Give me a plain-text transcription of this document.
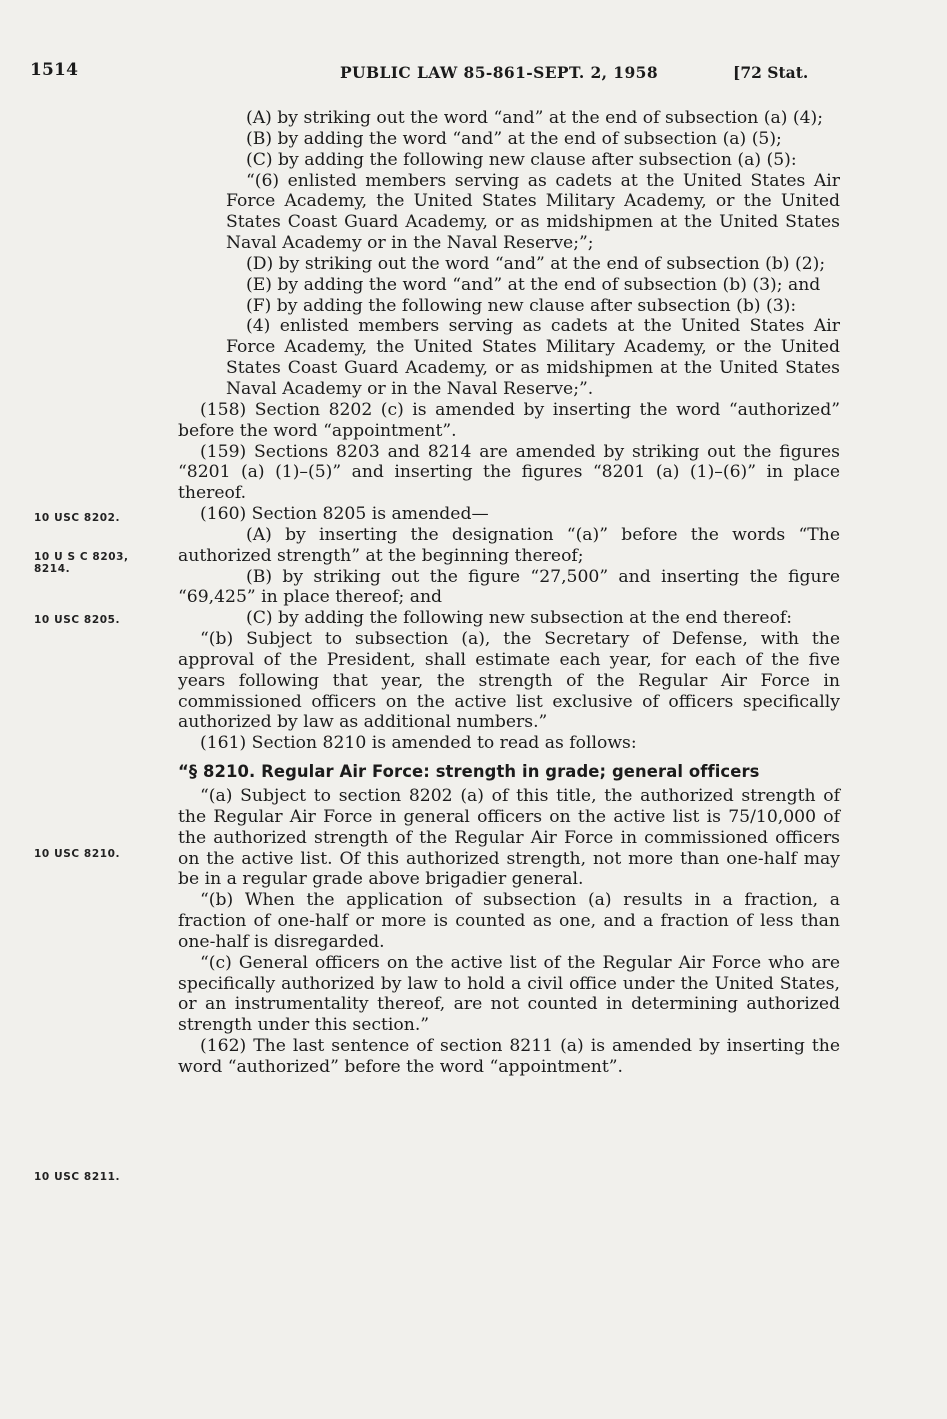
1514	PUBLIC LAW 85-861-SEPT. 2, 1958	[72 Stat.
10 USC 8202.
10 U S C 8203,
8214.
10 USC 8205.
10 USC 8210.
10 USC 8211.

(A) by striking out the word “and” at the end of subsection (a) (4);

(B) by adding the word “and” at the end of subsection (a) (5);

(C) by adding the following new clause after subsection (a) (5):

“(6) enlisted members serving as cadets at the United States Air Force Academy, the United States Military Academy, or the United States Coast Guard Academy, or as midshipmen at the United States Naval Academy or in the Naval Reserve;”;

(D) by striking out the word “and” at the end of subsection (b) (2);

(E) by adding the word “and” at the end of subsection (b) (3); and

(F) by adding the following new clause after subsection (b) (3):

(4) enlisted members serving as cadets at the United States Air Force Academy, the United States Military Academy, or the United States Coast Guard Academy, or as midshipmen at the United States Naval Academy or in the Naval Reserve;”.

(158) Section 8202 (c) is amended by inserting the word “authorized” before the word “appointment”.

(159) Sections 8203 and 8214 are amended by striking out the figures “8201 (a) (1)–(5)” and inserting the figures “8201 (a) (1)–(6)” in place thereof.

(160) Section 8205 is amended—

(A) by inserting the designation “(a)” before the words “The authorized strength” at the beginning thereof;

(B) by striking out the figure “27,500” and inserting the figure “69,425” in place thereof; and

(C) by adding the following new subsection at the end thereof:

“(b) Subject to subsection (a), the Secretary of Defense, with the approval of the President, shall estimate each year, for each of the five years following that year, the strength of the Regular Air Force in commissioned officers on the active list exclusive of officers specifically authorized by law as additional numbers.”

(161) Section 8210 is amended to read as follows:

“§ 8210. Regular Air Force: strength in grade; general officers

“(a) Subject to section 8202 (a) of this title, the authorized strength of the Regular Air Force in general officers on the active list is 75/10,000 of the authorized strength of the Regular Air Force in commissioned officers on the active list. Of this authorized strength, not more than one-half may be in a regular grade above brigadier general.

“(b) When the application of subsection (a) results in a fraction, a fraction of one-half or more is counted as one, and a fraction of less than one-half is disregarded.

“(c) General officers on the active list of the Regular Air Force who are specifically authorized by law to hold a civil office under the United States, or an instrumentality thereof, are not counted in determining authorized strength under this section.”

(162) The last sentence of section 8211 (a) is amended by inserting the word “authorized” before the word “appointment”.
